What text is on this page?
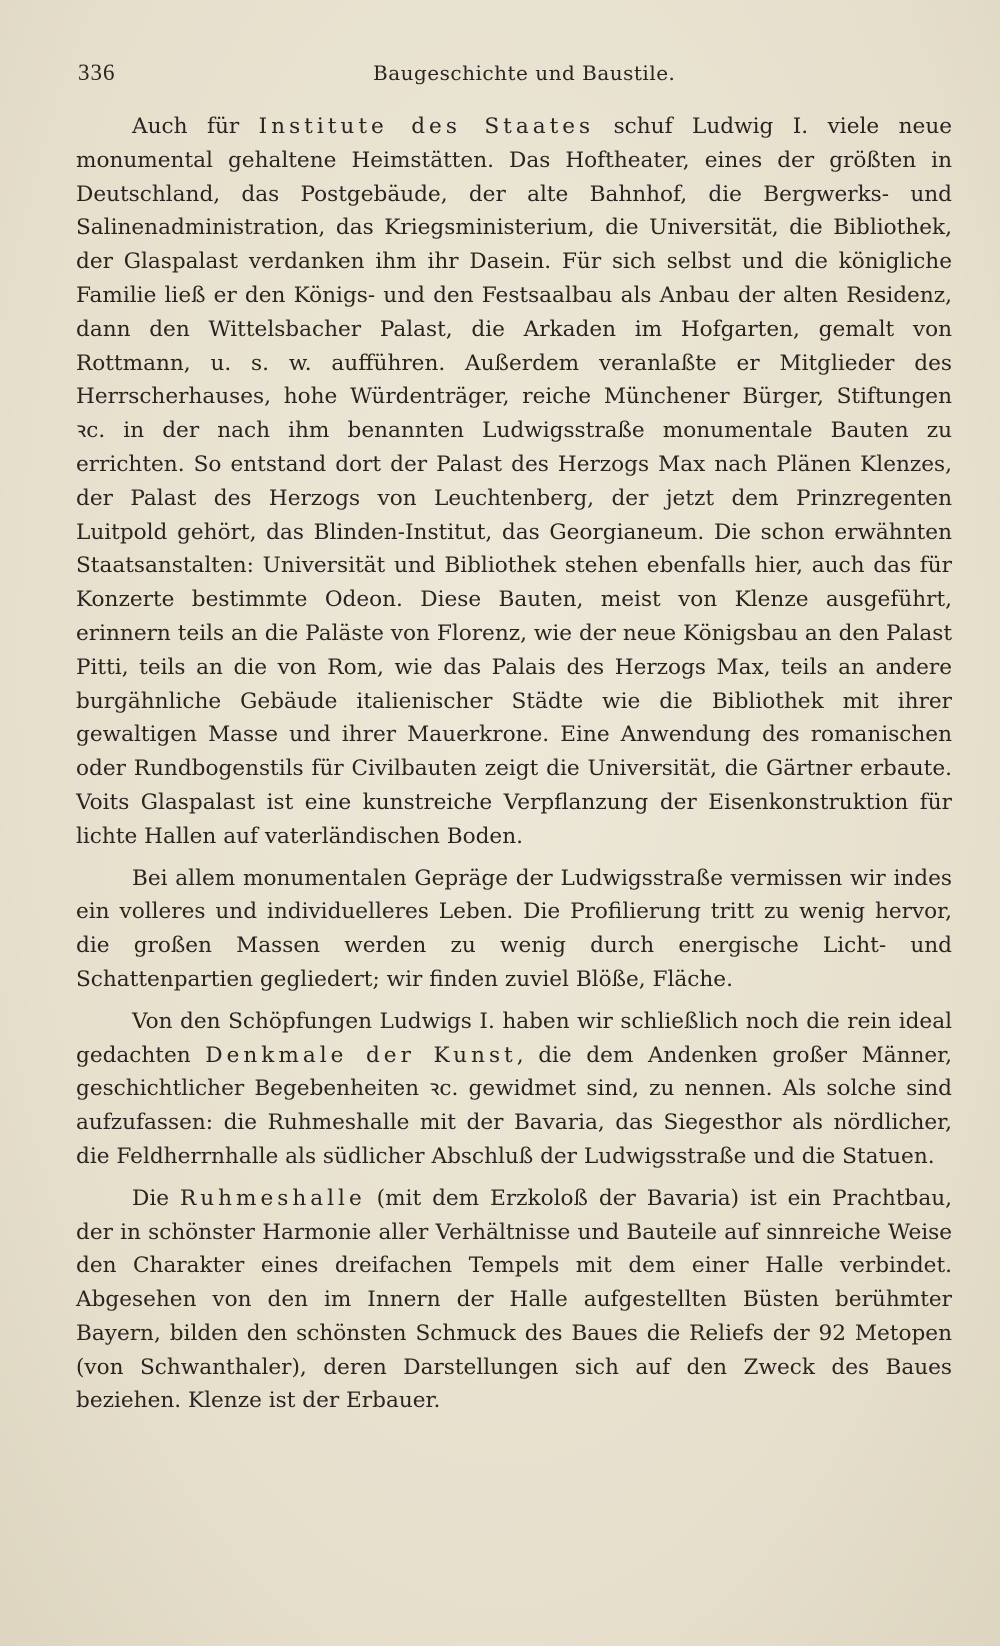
336	Baugeschichte und Baustile.

Auch für Institute des Staates schuf Ludwig I. viele neue monumental gehaltene Heimstätten. Das Hoftheater, eines der größten in Deutschland, das Postgebäude, der alte Bahnhof, die Bergwerks- und Salinenadministration, das Kriegsministerium, die Universität, die Bibliothek, der Glaspalast verdanken ihm ihr Dasein. Für sich selbst und die königliche Familie ließ er den Königs- und den Festsaalbau als Anbau der alten Residenz, dann den Wittelsbacher Palast, die Arkaden im Hofgarten, gemalt von Rottmann, u. s. w. aufführen. Außerdem veranlaßte er Mitglieder des Herrscherhauses, hohe Würdenträger, reiche Münchener Bürger, Stiftungen ꝛc. in der nach ihm benannten Ludwigsstraße monumentale Bauten zu errichten. So entstand dort der Palast des Herzogs Max nach Plänen Klenzes, der Palast des Herzogs von Leuchtenberg, der jetzt dem Prinzregenten Luitpold gehört, das Blinden-Institut, das Georgianeum. Die schon erwähnten Staatsanstalten: Universität und Bibliothek stehen ebenfalls hier, auch das für Konzerte bestimmte Odeon. Diese Bauten, meist von Klenze ausgeführt, erinnern teils an die Paläste von Florenz, wie der neue Königsbau an den Palast Pitti, teils an die von Rom, wie das Palais des Herzogs Max, teils an andere burgähnliche Gebäude italienischer Städte wie die Bibliothek mit ihrer gewaltigen Masse und ihrer Mauerkrone. Eine Anwendung des romanischen oder Rundbogenstils für Civilbauten zeigt die Universität, die Gärtner erbaute. Voits Glaspalast ist eine kunstreiche Verpflanzung der Eisenkonstruktion für lichte Hallen auf vaterländischen Boden.

Bei allem monumentalen Gepräge der Ludwigsstraße vermissen wir indes ein volleres und individuelleres Leben. Die Profilierung tritt zu wenig hervor, die großen Massen werden zu wenig durch energische Licht- und Schattenpartien gegliedert; wir finden zuviel Blöße, Fläche.

Von den Schöpfungen Ludwigs I. haben wir schließlich noch die rein ideal gedachten Denkmale der Kunst, die dem Andenken großer Männer, geschichtlicher Begebenheiten ꝛc. gewidmet sind, zu nennen. Als solche sind aufzufassen: die Ruhmeshalle mit der Bavaria, das Siegesthor als nördlicher, die Feldherrnhalle als südlicher Abschluß der Ludwigsstraße und die Statuen.

Die Ruhmeshalle (mit dem Erzkoloß der Bavaria) ist ein Prachtbau, der in schönster Harmonie aller Verhältnisse und Bauteile auf sinnreiche Weise den Charakter eines dreifachen Tempels mit dem einer Halle verbindet. Abgesehen von den im Innern der Halle aufgestellten Büsten berühmter Bayern, bilden den schönsten Schmuck des Baues die Reliefs der 92 Metopen (von Schwanthaler), deren Darstellungen sich auf den Zweck des Baues beziehen. Klenze ist der Erbauer.
